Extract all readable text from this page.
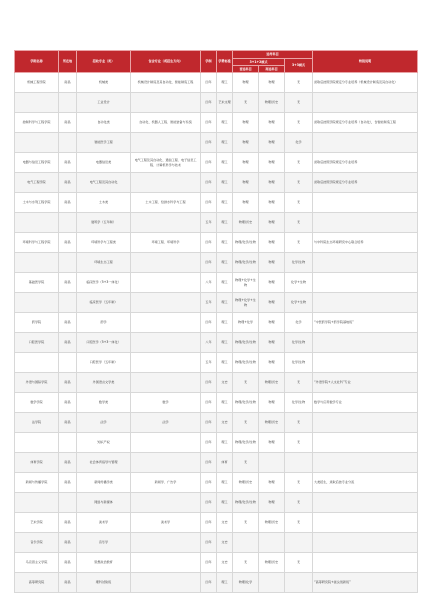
学院名称	所在地	招收专业（类）	包含专业（或招生方向）	学制	学费标准	选考科目			特别说明
						3+1+2模式		3+3模式	
						首选科目	再选科目		
机械工程学院	南昌	机械类	机械设计制造及其自动化、智能制造工程	四年	理工	物理	物理	无	录取后按照学院规定分专业培养（机械设计制造及其自动化）
		工业设计		四年	艺术文理	无	物理/历史	无	
控制科学与工程学院	南昌	自动化类	自动化、机器人工程、智能装备与系统	四年	理工	物理	物理	无	录取后按照学院规定分专业培养（自动化），含智能制造工程
		智能医学工程		四年	理工	物理	物理	化学	
电器与信息工程学院	南昌	电器信息类	电气工程及其自动化、通信工程、电子信息工程、计算机科学与技术	四年	理工	物理	物理	无	录取后按照学院规定分专业培养
电气工程学院	南昌	电气工程及其自动化		四年	理工	物理	物理	无	录取后按照学院规定分专业培养
土木与水利工程学院	南昌	土木类	土木工程、给排水科学与工程	四年	理工	物理	物理	无	
		建筑学（五年制）		五年	理工	物理/历史	物理	无	
环境科学与工程学院	南昌	环境科学与工程类	环境工程、环境科学	四年	理工	物理/化学/生物	物理	无	与中科院生态环境研究中心联合培养
		环境生态工程		四年	理工	物理/化学/生物	物理	化学/生物	
基础医学院	南昌	临床医学（5+3一体化）		八年	理工	物理+化学+生物	物理	化学+生物	
		临床医学（五年制）		五年	理工	物理+化学+生物	物理	化学+生物	
药学院	南昌	药学		四年	理工	物理+化学	物理	化学	“中医药学院+药学院基地班”
口腔医学院	南昌	口腔医学（5+3一体化）		八年	理工	物理/化学/生物	物理	化学/生物	
		口腔医学（五年制）		五年	理工	物理/化学/生物	物理	化学/生物	
外语与国际学院	南昌	外国语言文学类		四年	文史	无	物理/历史	无	“外语学院+人文社科”专业
数学学院	南昌	数学类	数学	四年	理工	物理/化学/生物	物理	化学/生物	数学与应用数学专业
法学院	南昌	法学	法学	四年	文史	无	物理/历史	无	
		知识产权		四年	理工	物理/化学/生物	物理	无	
体育学院	南昌	社会体育指导与管理		四年	体育	无			
新闻与传播学院	南昌	新闻传播学类	新闻学、广告学	四年	理工	物理/历史	物理	无	大类招生，录取后按专业分流
		网络与新媒体		四年	理工	物理/化学/生物	物理	无	
艺术学院	南昌	美术学	美术学	四年	文史	无	物理/历史	无	
音乐学院	南昌	音乐学		四年	文史				
马克思主义学院	南昌	思想政治教育		四年	文史	无	物理/历史	无	
高等研究院	南昌	理科试验班		四年	理工	物理/化学			“高等研究院+拔尖创新班”
